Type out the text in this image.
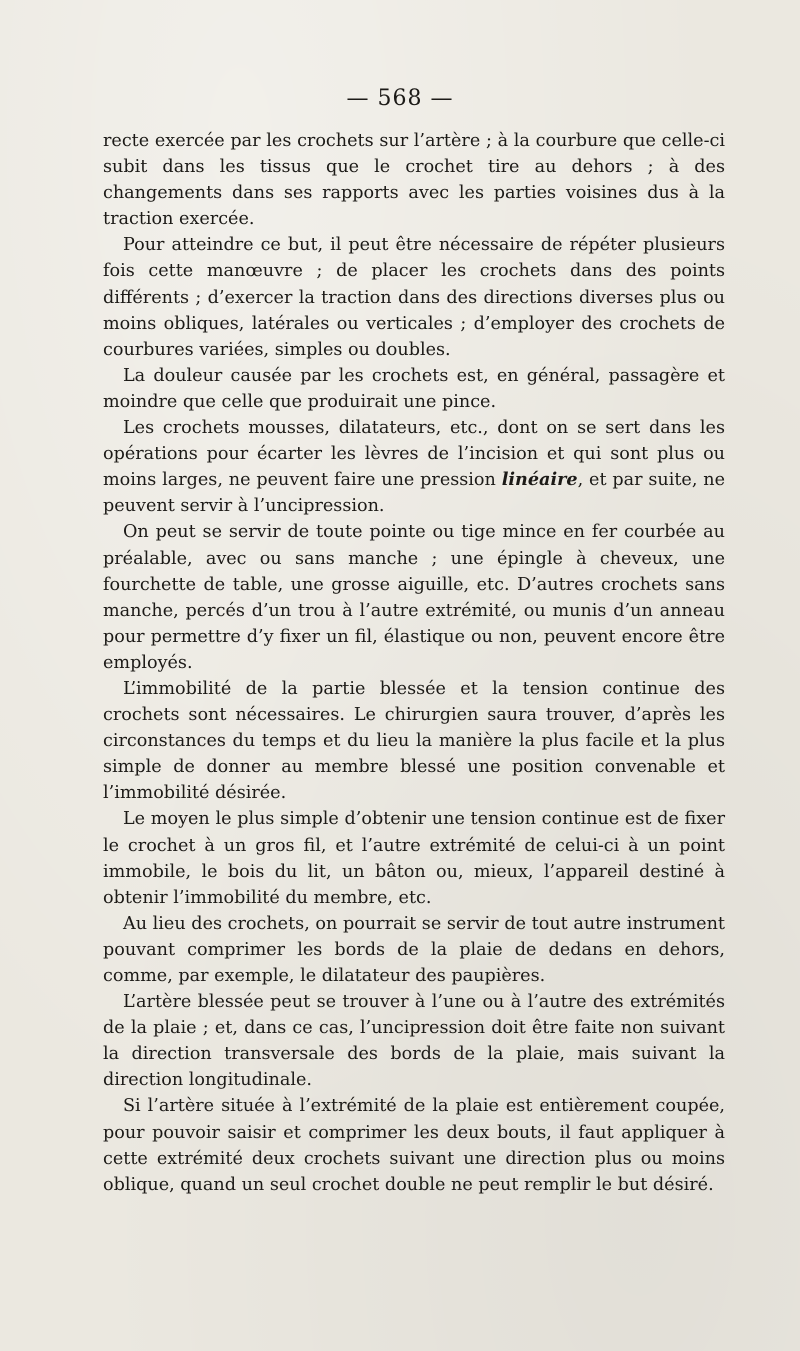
— 568 —

recte exercée par les crochets sur l’artère ; à la courbure que celle-ci subit dans les tissus que le crochet tire au dehors ; à des changements dans ses rapports avec les parties voisines dus à la traction exercée.

Pour atteindre ce but, il peut être nécessaire de répéter plusieurs fois cette manœuvre ; de placer les crochets dans des points différents ; d’exercer la traction dans des directions diverses plus ou moins obliques, latérales ou verticales ; d’employer des crochets de courbures variées, simples ou doubles.

La douleur causée par les crochets est, en général, passagère et moindre que celle que produirait une pince.

Les crochets mousses, dilatateurs, etc., dont on se sert dans les opérations pour écarter les lèvres de l’incision et qui sont plus ou moins larges, ne peuvent faire une pression linéaire, et par suite, ne peuvent servir à l’uncipression.

On peut se servir de toute pointe ou tige mince en fer courbée au préalable, avec ou sans manche ; une épingle à cheveux, une fourchette de table, une grosse aiguille, etc. D’autres crochets sans manche, percés d’un trou à l’autre extrémité, ou munis d’un anneau pour permettre d’y fixer un fil, élastique ou non, peuvent encore être employés.

L’immobilité de la partie blessée et la tension continue des crochets sont nécessaires. Le chirurgien saura trouver, d’après les circonstances du temps et du lieu la manière la plus facile et la plus simple de donner au membre blessé une position convenable et l’immobilité désirée.

Le moyen le plus simple d’obtenir une tension continue est de fixer le crochet à un gros fil, et l’autre extrémité de celui-ci à un point immobile, le bois du lit, un bâton ou, mieux, l’appareil destiné à obtenir l’immobilité du membre, etc.

Au lieu des crochets, on pourrait se servir de tout autre instrument pouvant comprimer les bords de la plaie de dedans en dehors, comme, par exemple, le dilatateur des paupières.

L’artère blessée peut se trouver à l’une ou à l’autre des extrémités de la plaie ; et, dans ce cas, l’uncipression doit être faite non suivant la direction transversale des bords de la plaie, mais suivant la direction longitudinale.

Si l’artère située à l’extrémité de la plaie est entièrement coupée, pour pouvoir saisir et comprimer les deux bouts, il faut appliquer à cette extrémité deux crochets suivant une direction plus ou moins oblique, quand un seul crochet double ne peut remplir le but désiré.
